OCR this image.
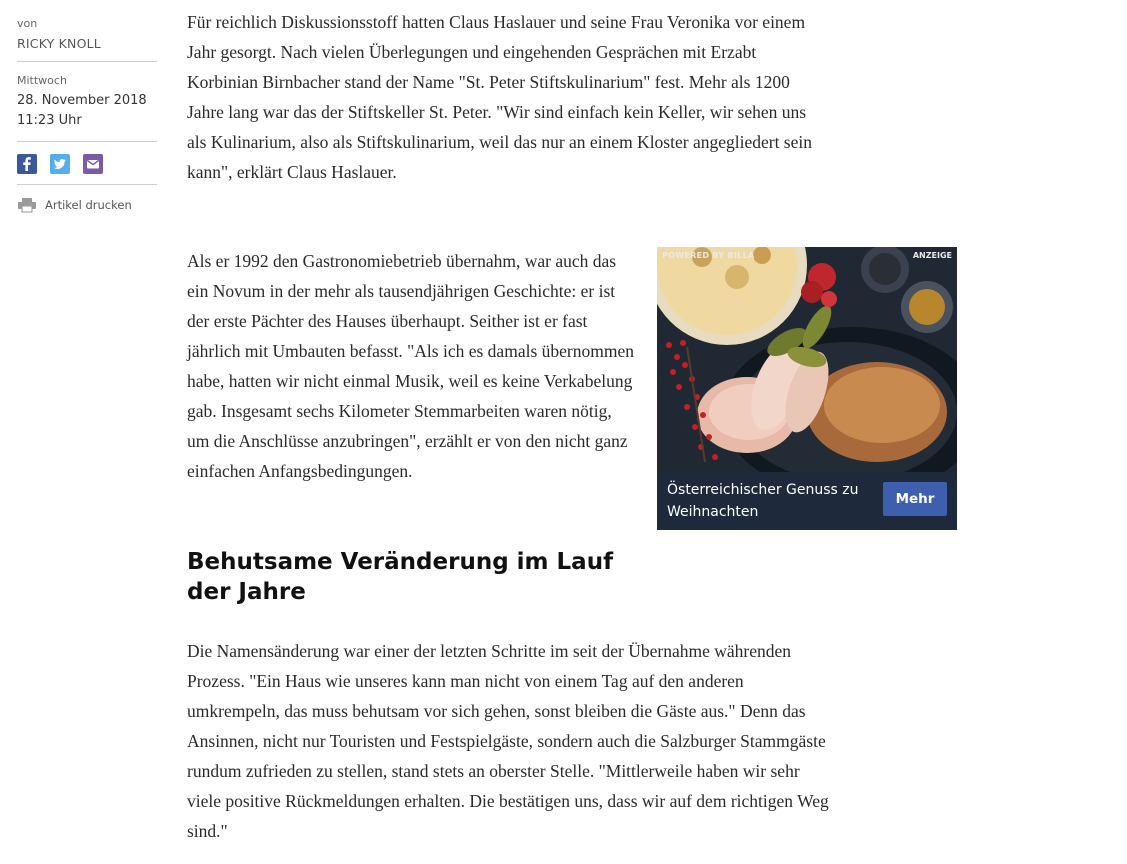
von
RICKY KNOLL
Mittwoch
28. November 2018
11:23 Uhr
Artikel drucken

Für reichlich Diskussionsstoff hatten Claus Haslauer und seine Frau Veronika vor einem Jahr gesorgt. Nach vielen Überlegungen und eingehenden Gesprächen mit Erzabt Korbinian Birnbacher stand der Name "St. Peter Stiftskulinarium" fest. Mehr als 1200 Jahre lang war das der Stiftskeller St. Peter. "Wir sind einfach kein Keller, wir sehen uns als Kulinarium, also als Stiftskulinarium, weil das nur an einem Kloster angegliedert sein kann", erklärt Claus Haslauer.

Als er 1992 den Gastronomiebetrieb übernahm, war auch das ein Novum in der mehr als tausendjährigen Geschichte: er ist der erste Pächter des Hauses überhaupt. Seither ist er fast jährlich mit Umbauten befasst. "Als ich es damals übernommen habe, hatten wir nicht einmal Musik, weil es keine Verkabelung gab. Insgesamt sechs Kilometer Stemmarbeiten waren nötig, um die Anschlüsse anzubringen", erzählt er von den nicht ganz einfachen Anfangsbedingungen.

Behutsame Veränderung im Lauf der Jahre

Die Namensänderung war einer der letzten Schritte im seit der Übernahme währenden Prozess. "Ein Haus wie unseres kann man nicht von einem Tag auf den anderen umkrempeln, das muss behutsam vor sich gehen, sonst bleiben die Gäste aus." Denn das Ansinnen, nicht nur Touristen und Festspielgäste, sondern auch die Salzburger Stammgäste rundum zufrieden zu stellen, stand stets an oberster Stelle. "Mittlerweile haben wir sehr viele positive Rückmeldungen erhalten. Die bestätigen uns, dass wir auf dem richtigen Weg sind."

POWERED BY BILLA	ANZEIGE
Österreichischer Genuss zu Weihnachten
Mehr
